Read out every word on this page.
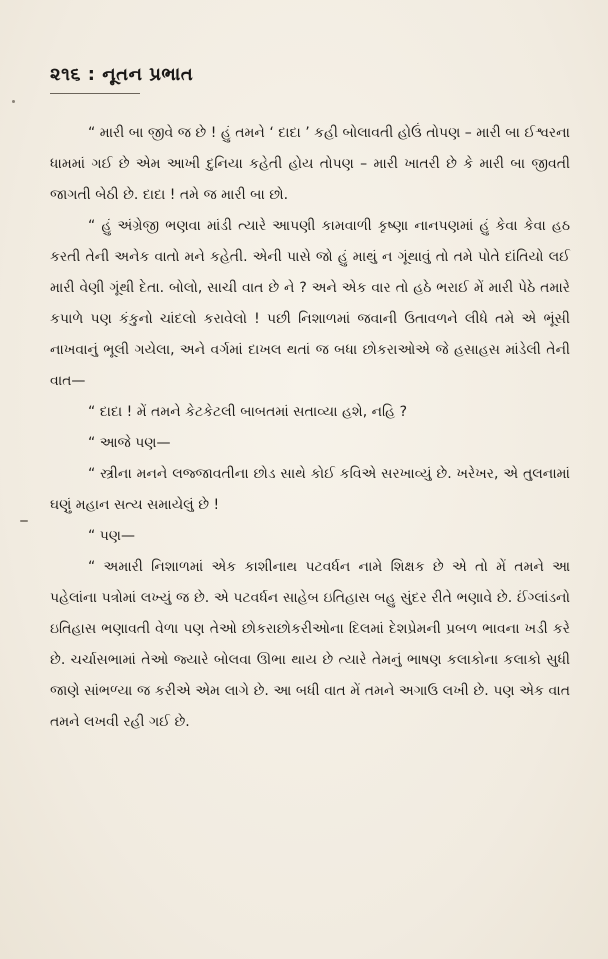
૨૧૬ : નૂતન પ્રભાત

“ મારી બા જીવે જ છે ! હું તમને ‘ દાદા ’ કહી બોલાવતી હોઉં તોપણ – મારી બા ઈશ્વરના ધામમાં ગઈ છે એમ આખી દુનિયા કહેતી હોય તોપણ – મારી ખાતરી છે કે મારી બા જીવતી જાગતી બેઠી છે. દાદા ! તમે જ મારી બા છો.

“ હું અંગ્રેજી ભણવા માંડી ત્યારે આપણી કામવાળી કૃષ્ણા નાનપણમાં હું કેવા કેવા હઠ કરતી તેની અનેક વાતો મને કહેતી. એની પાસે જો હું માથું ન ગૂંથાવું તો તમે પોતે દાંતિયો લઈ મારી વેણી ગૂંથી દેતા. બોલો, સાચી વાત છે ને ? અને એક વાર તો હઠે ભરાઈ મેં મારી પેઠે તમારે કપાળે પણ કંકુનો ચાંદલો કરાવેલો ! પછી નિશાળમાં જવાની ઉતાવળને લીધે તમે એ ભૂંસી નાખવાનું ભૂલી ગયેલા, અને વર્ગમાં દાખલ થતાં જ બધા છોકરાઓએ જે હસાહસ માંડેલી તેની વાત—

“ દાદા ! મેં તમને કેટકેટલી બાબતમાં સતાવ્યા હશે, નહિ ?

“ આજે પણ—

“ સ્ત્રીના મનને લજ્જાવતીના છોડ સાથે કોઈ કવિએ સરખાવ્યું છે. ખરેખર, એ તુલનામાં ઘણું મહાન સત્ય સમાયેલું છે !

“ પણ—

“ અમારી નિશાળમાં એક કાશીનાથ પટવર્ધન નામે શિક્ષક છે એ તો મેં તમને આ પહેલાંના પત્રોમાં લખ્યું જ છે. એ પટવર્ધન સાહેબ ઇતિહાસ બહુ સુંદર રીતે ભણાવે છે. ઈંગ્લાંડનો ઇતિહાસ ભણાવતી વેળા પણ તેઓ છોકરાછોકરીઓના દિલમાં દેશપ્રેમની પ્રબળ ભાવના ખડી કરે છે. ચર્ચાસભામાં તેઓ જ્યારે બોલવા ઊભા થાય છે ત્યારે તેમનું ભાષણ કલાકોના કલાકો સુધી જાણે સાંભળ્યા જ કરીએ એમ લાગે છે. આ બધી વાત મેં તમને અગાઉ લખી છે. પણ એક વાત તમને લખવી રહી ગઈ છે.
